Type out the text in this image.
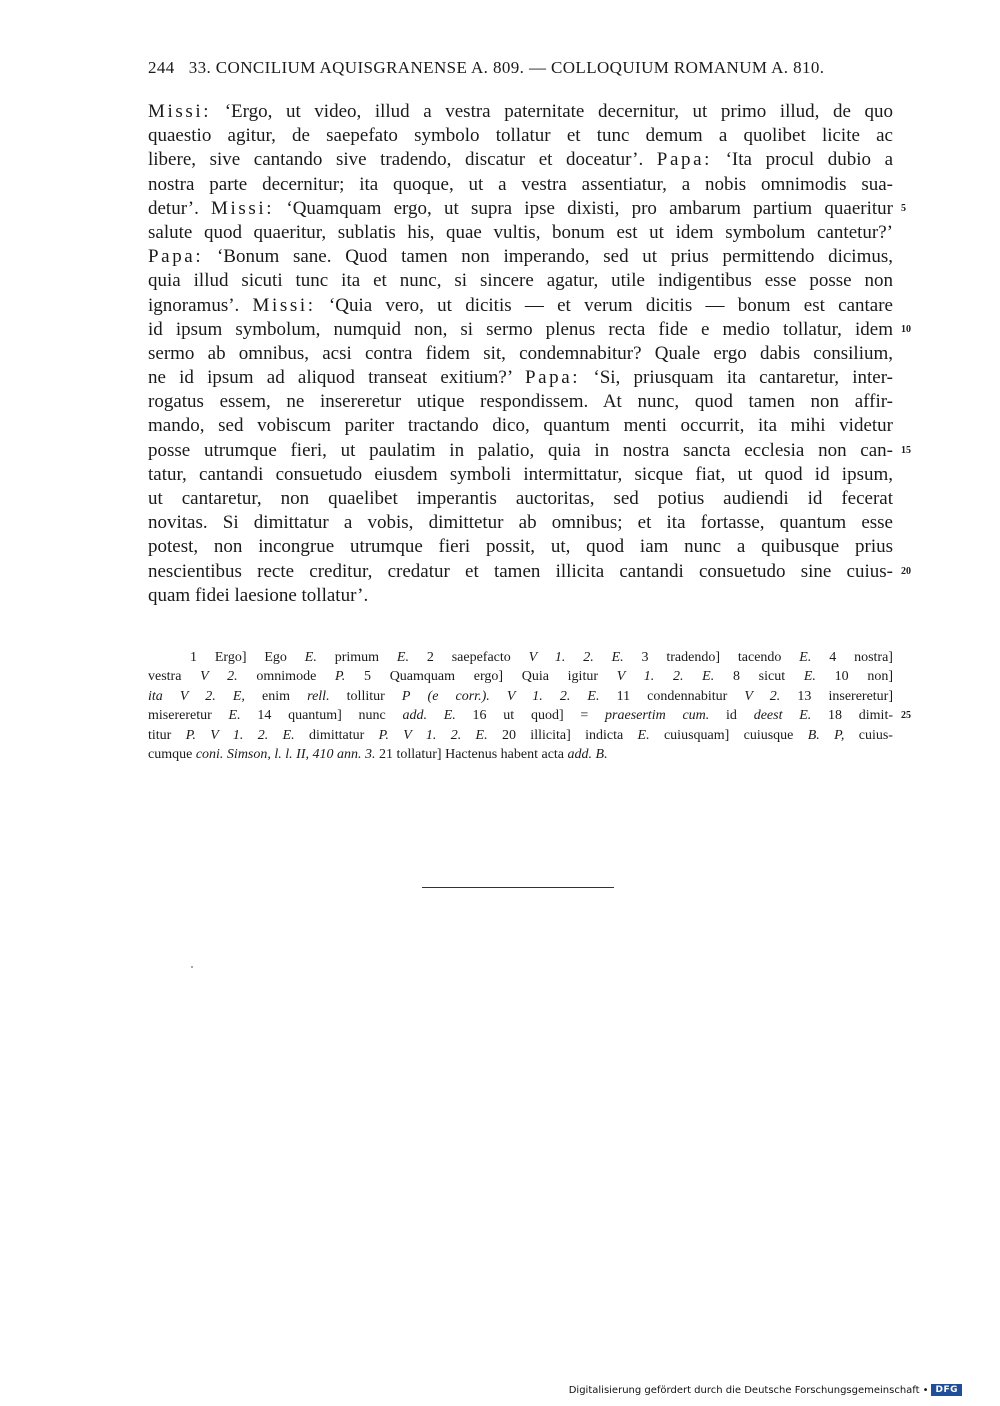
244 33. CONCILIUM AQUISGRANENSE A. 809. — COLLOQUIUM ROMANUM A. 810.
Missi: ‘Ergo, ut video, illud a vestra paternitate decernitur, ut primo illud, de quo
quaestio agitur, de saepefato symbolo tollatur et tunc demum a quolibet licite ac
libere, sive cantando sive tradendo, discatur et doceatur’. Papa: ‘Ita procul dubio a
nostra parte decernitur; ita quoque, ut a vestra assentiatur, a nobis omnimodis sua-
detur’. Missi: ‘Quamquam ergo, ut supra ipse dixisti, pro ambarum partium quaeritur 5
salute quod quaeritur, sublatis his, quae vultis, bonum est ut idem symbolum cantetur?’
Papa: ‘Bonum sane. Quod tamen non imperando, sed ut prius permittendo dicimus,
quia illud sicuti tunc ita et nunc, si sincere agatur, utile indigentibus esse posse non
ignoramus’. Missi: ‘Quia vero, ut dicitis — et verum dicitis — bonum est cantare
id ipsum symbolum, numquid non, si sermo plenus recta fide e medio tollatur, idem 10
sermo ab omnibus, acsi contra fidem sit, condemnabitur? Quale ergo dabis consilium,
ne id ipsum ad aliquod transeat exitium?’ Papa: ‘Si, priusquam ita cantaretur, inter-
rogatus essem, ne insereretur utique respondissem. At nunc, quod tamen non affir-
mando, sed vobiscum pariter tractando dico, quantum menti occurrit, ita mihi videtur
posse utrumque fieri, ut paulatim in palatio, quia in nostra sancta ecclesia non can- 15
tatur, cantandi consuetudo eiusdem symboli intermittatur, sicque fiat, ut quod id ipsum,
ut cantaretur, non quaelibet imperantis auctoritas, sed potius audiendi id fecerat
novitas. Si dimittatur a vobis, dimittetur ab omnibus; et ita fortasse, quantum esse
potest, non incongrue utrumque fieri possit, ut, quod iam nunc a quibusque prius
nescientibus recte creditur, credatur et tamen illicita cantandi consuetudo sine cuius- 20
quam fidei laesione tollatur’.
1 Ergo] Ego E. primum E. 2 saepefacto V 1. 2. E. 3 tradendo] tacendo E. 4 nostra]
vestra V 2. omnimode P. 5 Quamquam ergo] Quia igitur V 1. 2. E. 8 sicut E. 10 non]
ita V 2. E, enim rell. tollitur P (e corr.). V 1. 2. E. 11 condennabitur V 2. 13 insereretur]
misereretur E. 14 quantum] nunc add. E. 16 ut quod] = praesertim cum. id deest E. 18 dimit- 25
titur P. V 1. 2. E. dimittatur P. V 1. 2. E. 20 illicita] indicta E. cuiusquam] cuiusque B. P, cuius-
cumque coni. Simson, l. l. II, 410 ann. 3. 21 tollatur] Hactenus habent acta add. B.
Digitalisierung gefördert durch die Deutsche Forschungsgemeinschaft • DFG
